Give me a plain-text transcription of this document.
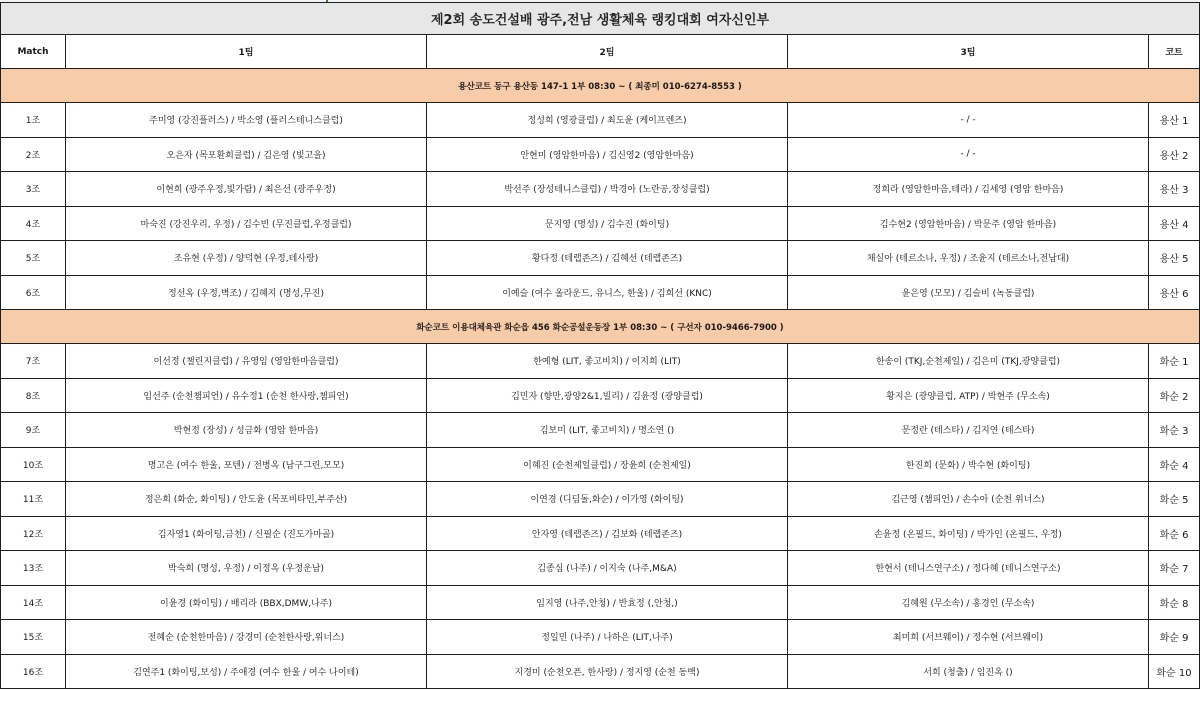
제2회 송도건설배 광주,전남 생활체육 랭킹대회 여자신인부				
Match	1팀	2팀	3팀	코트
용산코트 동구 용산동 147-1 1부 08:30 ~ ( 최종미 010-6274-8553 )				
1조	주미영 (강진플러스) / 박소영 (플러스테니스클럽)	정성희 (영광클럽) / 최도윤 (케이프렌즈)	- / -	용산 1
2조	오은자 (목포환희클럽) / 김은영 (빛고을)	안현미 (영암한마음) / 김신영2 (영암한마음)	- / -	용산 2
3조	이현희 (광주우정,빛가람) / 최은선 (광주우정)	박선주 (장성테니스클럽) / 박경아 (노란공,장성클럽)	정희라 (영암한마음,테라) / 김세영 (영암 한마음)	용산 3
4조	마숙진 (강진우리, 우정) / 김수빈 (무진클럽,우정클럽)	문지영 (명성) / 김수진 (화이팅)	김수현2 (영암한마음) / 박문주 (영암 한마음)	용산 4
5조	조유현 (우정) / 양덕현 (우정,테사랑)	황다정 (테랩존즈) / 김혜선 (테랩존즈)	채실아 (테르소나, 우정) / 조윤지 (테르소나,전남대)	용산 5
6조	정선옥 (우정,벽조) / 김혜지 (명성,무진)	이예슬 (여수 올라운드, 유니스, 한울) / 김희선 (KNC)	윤은영 (모모) / 김슬비 (녹동클럽)	용산 6
화순코트 이용대체육관 화순읍 456 화순공설운동장 1부 08:30 ~ ( 구선자 010-9466-7900 )				
7조	이선정 (챌린지클럽) / 유영임 (영암한마음클럽)	한예형 (LIT, 좋고비치) / 이지희 (LIT)	한송이 (TKJ,순천제일) / 김은미 (TKJ,광양클럽)	화순 1
8조	임선주 (순천챔피언) / 유수정1 (순천 한사랑,챔피언)	김민자 (향만,광양2&1,빌리) / 김윤정 (광양클럽)	황지은 (광양클럽, ATP) / 박현주 (무소속)	화순 2
9조	박현정 (장성) / 성금화 (영암 한마음)	김보미 (LIT, 좋고비치) / 명소연 ()	문정란 (테스타) / 김지연 (테스타)	화순 3
10조	명고은 (여수 한울, 포텐) / 전병옥 (남구그린,모모)	이혜진 (순천제일클럽) / 장윤희 (순천제일)	한진희 (문화) / 박수현 (화이팅)	화순 4
11조	정은희 (화순, 화이팅) / 안도윤 (목포비타민,부주산)	이연경 (디딤돌,화순) / 이가영 (화이팅)	김근영 (챔피언) / 손수아 (순천 위너스)	화순 5
12조	김자영1 (화이팅,금천) / 신필순 (진도가마골)	안자영 (테랩존즈) / 김보화 (테랩존즈)	손윤정 (온필드, 화이팅) / 박가인 (온필드, 우정)	화순 6
13조	박숙희 (명성, 우정) / 이정옥 (우정운남)	김종심 (나주) / 이지숙 (나주,M&A)	한현서 (테니스연구소) / 정다혜 (테니스연구소)	화순 7
14조	이윤경 (화이팅) / 배리라 (BBX,DMW,나주)	임지영 (나주,안청) / 반효정 (,안청,)	김혜원 (무소속) / 홍경인 (무소속)	화순 8
15조	전혜순 (순천한마음) / 강경미 (순천한사랑,위너스)	정일민 (나주) / 나하은 (LIT,나주)	최미희 (서브웨이) / 정수현 (서브웨이)	화순 9
16조	김연주1 (화이팅,보성) / 주애경 (여수 한울 / 여수 나이테)	지경미 (순천오픈, 한사랑) / 정지영 (순천 동백)	서희 (청출) / 임진옥 ()	화순 10
